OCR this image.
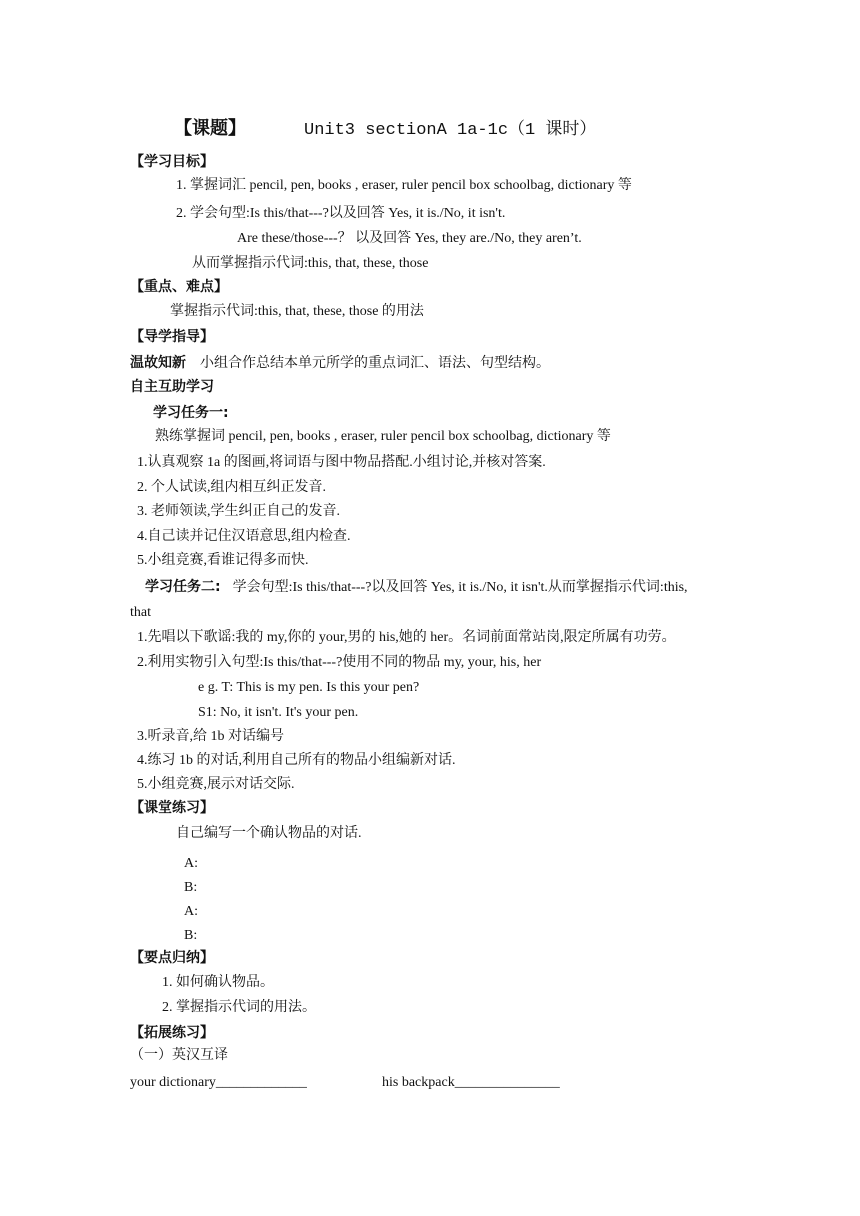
【课题】	Unit3 sectionA 1a-1c（1 课时）
【学习目标】
1. 掌握词汇 pencil, pen, books , eraser, ruler pencil box schoolbag, dictionary 等
2. 学会句型:Is this/that---?以及回答 Yes, it is./No, it isn't.
Are these/those---？ 以及回答 Yes, they are./No, they aren’t.
从而掌握指示代词:this, that, these, those
【重点、难点】
掌握指示代词:this, that, these, those 的用法
【导学指导】
温故知新 小组合作总结本单元所学的重点词汇、语法、句型结构。
自主互助学习
学习任务一:
熟练掌握词 pencil, pen, books , eraser, ruler pencil box schoolbag, dictionary 等
1.认真观察 1a 的图画,将词语与图中物品搭配.小组讨论,并核对答案.
2. 个人试读,组内相互纠正发音.
3. 老师领读,学生纠正自己的发音.
4.自己读并记住汉语意思,组内检查.
5.小组竞赛,看谁记得多而快.
学习任务二: 学会句型:Is this/that---?以及回答 Yes, it is./No, it isn't.从而掌握指示代词:this,
that
1.先唱以下歌谣:我的 my,你的 your,男的 his,她的 her。名词前面常站岗,限定所属有功劳。
2.利用实物引入句型:Is this/that---?使用不同的物品 my, your, his, her
e g. T: This is my pen. Is this your pen?
S1: No, it isn't. It's your pen.
3.听录音,给 1b 对话编号
4.练习 1b 的对话,利用自己所有的物品小组编新对话.
5.小组竞赛,展示对话交际.
【课堂练习】
自己编写一个确认物品的对话.
A:
B:
A:
B:
【要点归纳】
1. 如何确认物品。
2. 掌握指示代词的用法。
【拓展练习】
（一）英汉互译
your dictionary_____________	his backpack_______________
